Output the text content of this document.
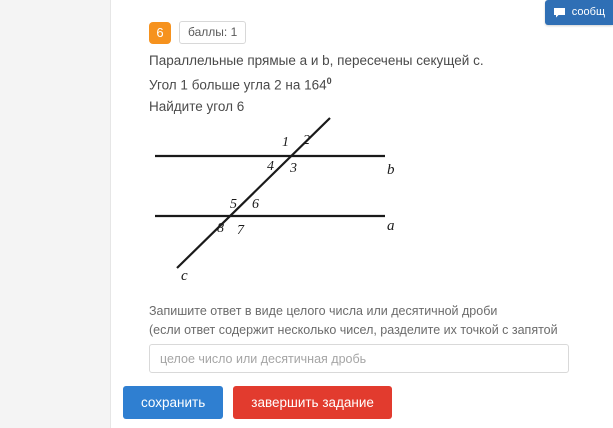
сообщ
6	баллы: 1
Параллельные прямые a и b, пересечены секущей c.
Угол 1 больше угла 2 на $164^0$
Найдите угол 6
b
a
c
1 2
4 3
5 6
8 7
Запишите ответ в виде целого числа или десятичной дроби
(если ответ содержит несколько чисел, разделите их точкой с запятой
целое число или десятичная дробь
сохранить	завершить задание
